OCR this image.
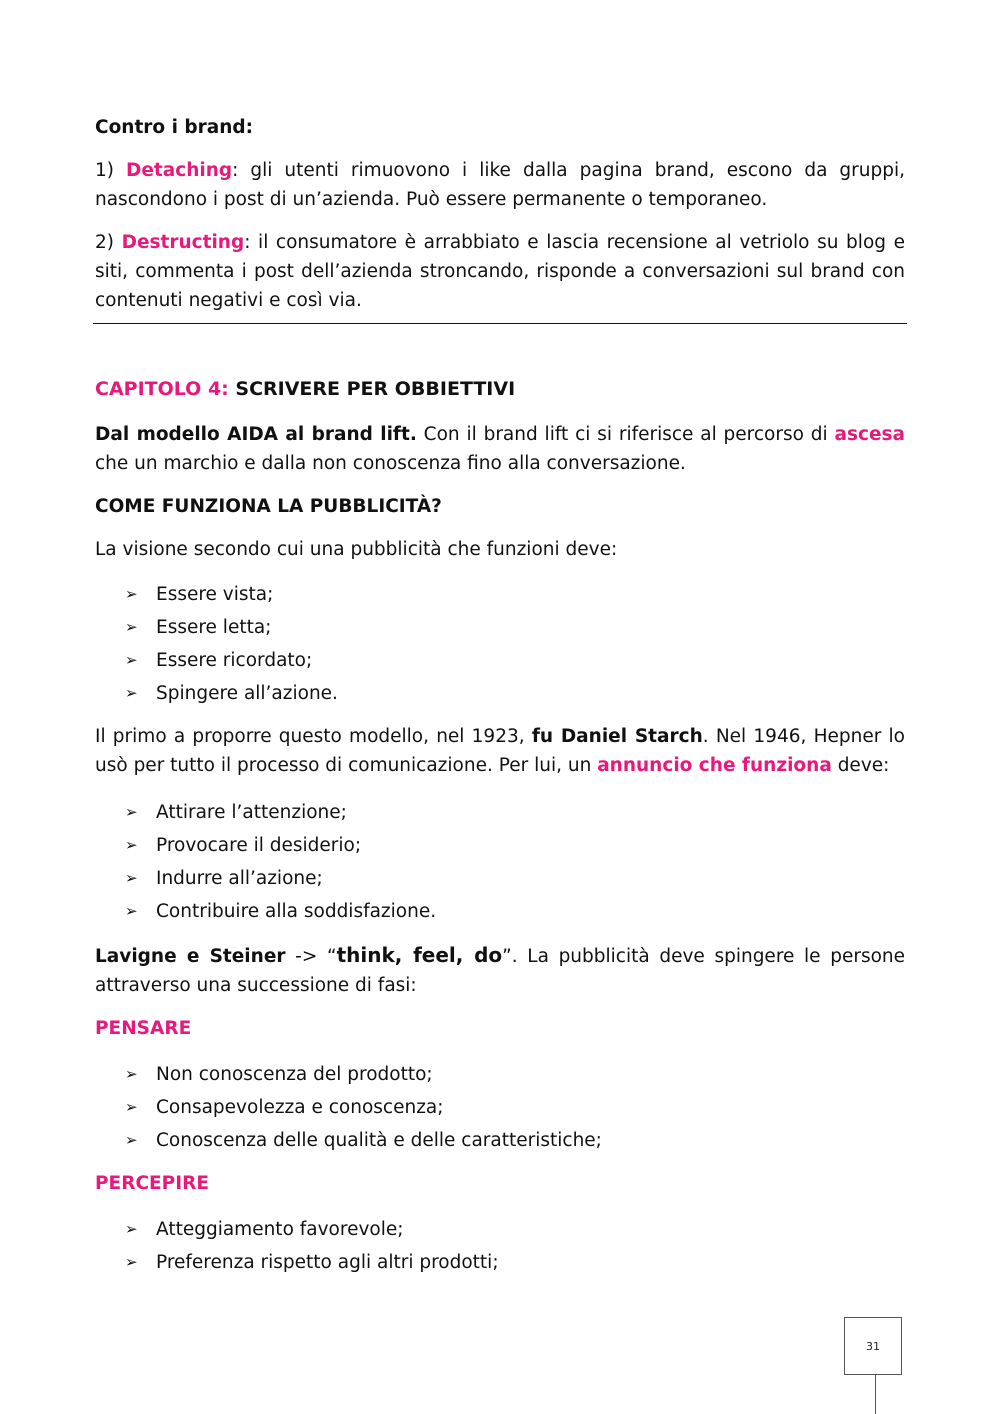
Contro i brand:

1) Detaching: gli utenti rimuovono i like dalla pagina brand, escono da gruppi, nascondono i post di un’azienda. Può essere permanente o temporaneo.

2) Destructing: il consumatore è arrabbiato e lascia recensione al vetriolo su blog e siti, commenta i post dell’azienda stroncando, risponde a conversazioni sul brand con contenuti negativi e così via.

CAPITOLO 4: SCRIVERE PER OBBIETTIVI

Dal modello AIDA al brand lift. Con il brand lift ci si riferisce al percorso di ascesa che un marchio e dalla non conoscenza fino alla conversazione.

COME FUNZIONA LA PUBBLICITÀ?

La visione secondo cui una pubblicità che funzioni deve:

➢ Essere vista;
➢ Essere letta;
➢ Essere ricordato;
➢ Spingere all’azione.

Il primo a proporre questo modello, nel 1923, fu Daniel Starch. Nel 1946, Hepner lo usò per tutto il processo di comunicazione. Per lui, un annuncio che funziona deve:

➢ Attirare l’attenzione;
➢ Provocare il desiderio;
➢ Indurre all’azione;
➢ Contribuire alla soddisfazione.

Lavigne e Steiner -> “think, feel, do”. La pubblicità deve spingere le persone attraverso una successione di fasi:

PENSARE

➢ Non conoscenza del prodotto;
➢ Consapevolezza e conoscenza;
➢ Conoscenza delle qualità e delle caratteristiche;

PERCEPIRE

➢ Atteggiamento favorevole;
➢ Preferenza rispetto agli altri prodotti;
31
